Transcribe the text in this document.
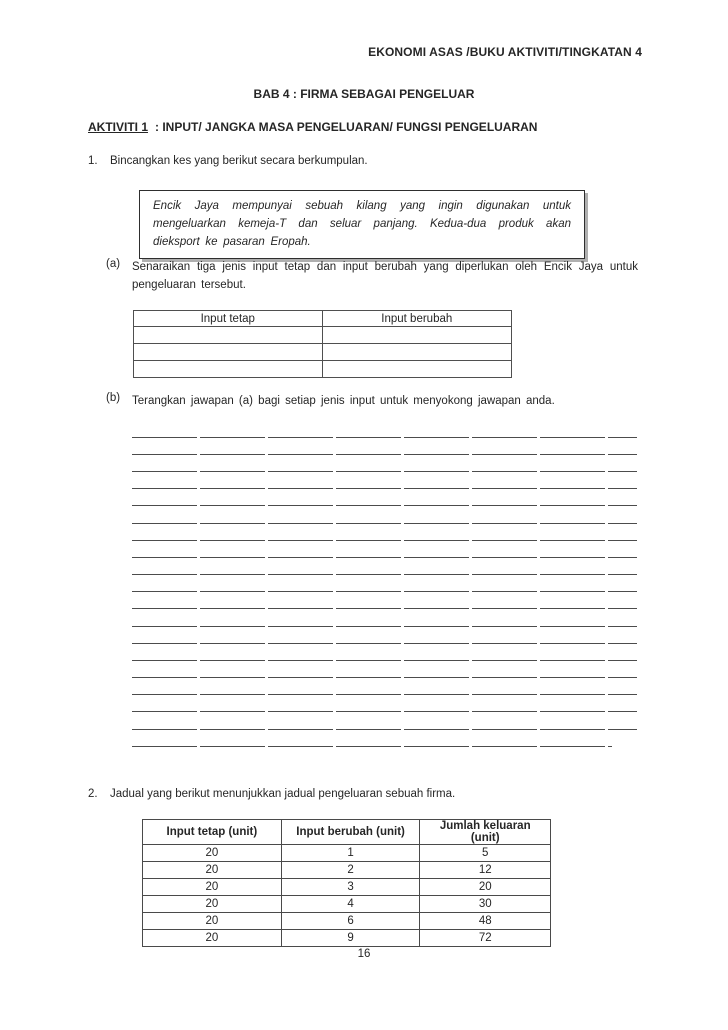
EKONOMI ASAS /BUKU AKTIVITI/TINGKATAN 4
BAB 4 : FIRMA SEBAGAI PENGELUAR
AKTIVITI 1 : INPUT/ JANGKA MASA PENGELUARAN/ FUNGSI PENGELUARAN
1. Bincangkan kes yang berikut secara berkumpulan.
Encik Jaya mempunyai sebuah kilang yang ingin digunakan untuk mengeluarkan kemeja-T dan seluar panjang. Kedua-dua produk akan dieksport ke pasaran Eropah.
(a) Senaraikan tiga jenis input tetap dan input berubah yang diperlukan oleh Encik Jaya untuk pengeluaran tersebut.
Input tetap	Input berubah

(b) Terangkan jawapan (a) bagi setiap jenis input untuk menyokong jawapan anda.
2. Jadual yang berikut menunjukkan jadual pengeluaran sebuah firma.
Input tetap (unit)	Input berubah (unit)	Jumlah keluaran (unit)
20	1	5
20	2	12
20	3	20
20	4	30
20	6	48
20	9	72
16
